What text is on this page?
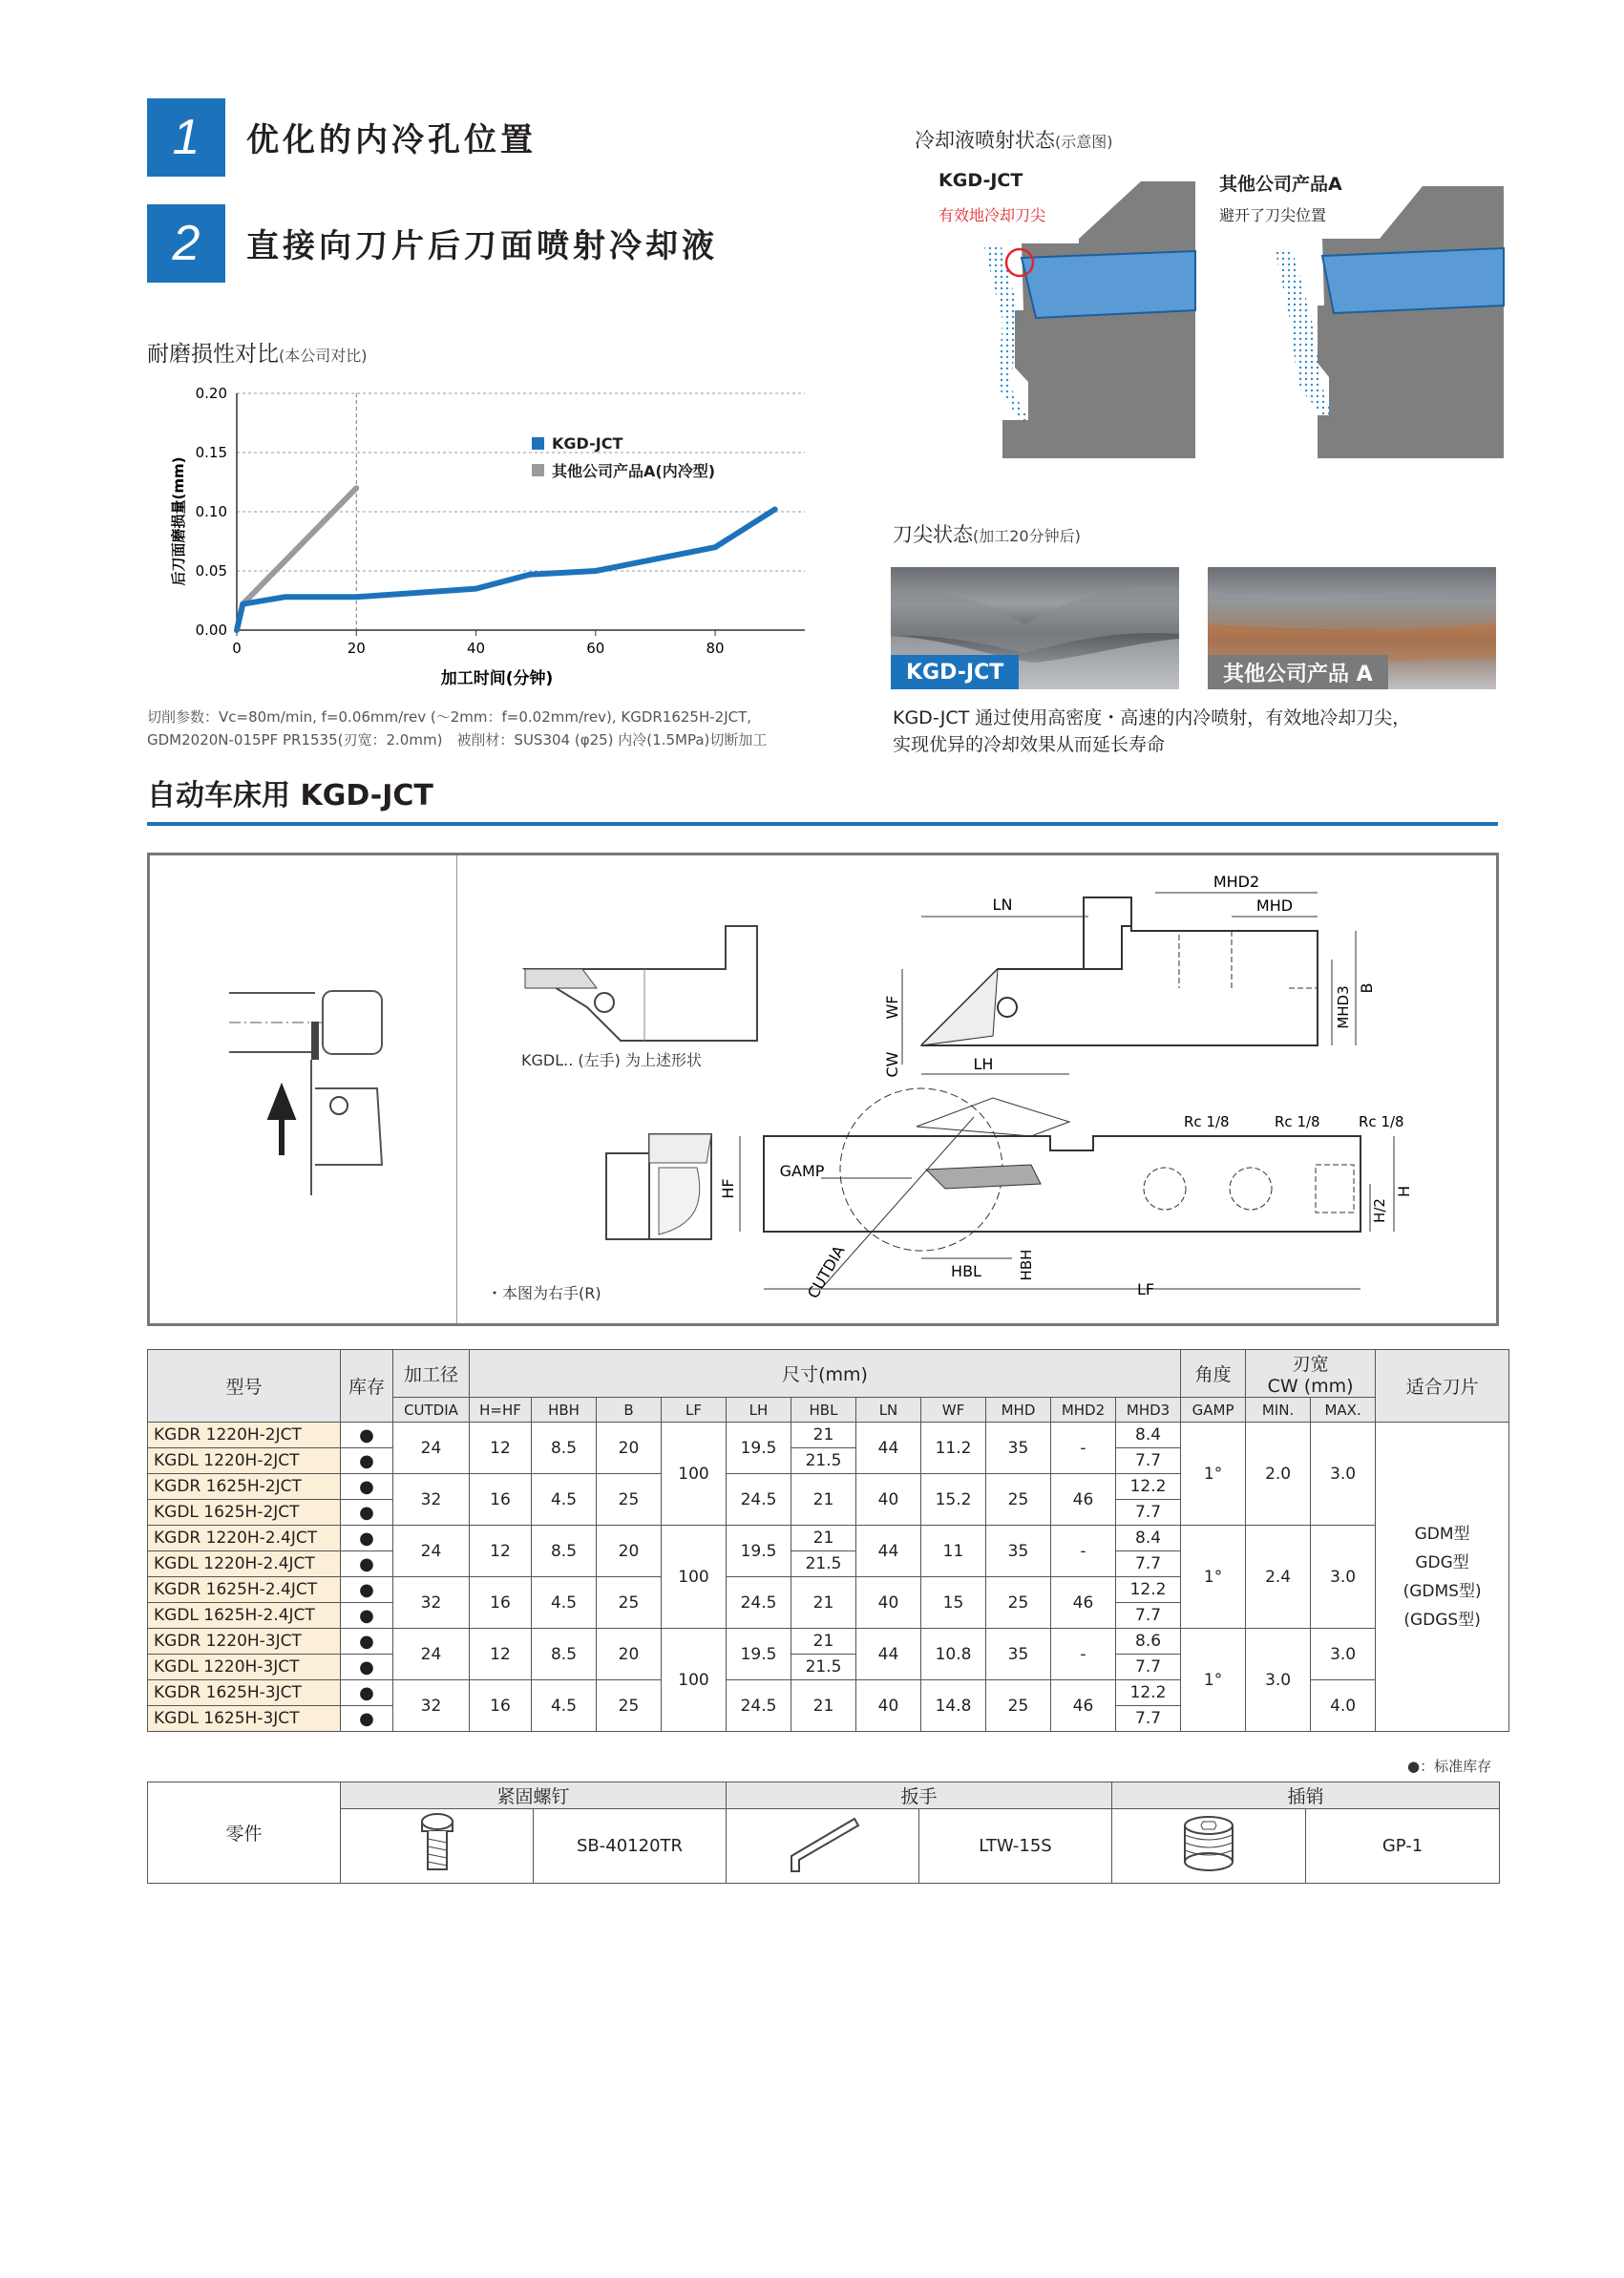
1	优化的内冷孔位置
2	直接向刀片后刀面喷射冷却液
耐磨损性对比(本公司对比)
0.00
0.05
0.10
0.15
0.20
0	20	40	60	80
加工时间(分钟)
后刀面磨损量(mm)
KGD-JCT
其他公司产品A(内冷型)
切削参数：Vc=80m/min, f=0.06mm/rev (～2mm：f=0.02mm/rev), KGDR1625H-2JCT,
GDM2020N-015PF PR1535(刃宽：2.0mm)　被削材：SUS304 (φ25) 内冷(1.5MPa)切断加工
冷却液喷射状态(示意图)
KGD-JCT
有效地冷却刀尖
其他公司产品A
避开了刀尖位置
刀尖状态(加工20分钟后)
KGD-JCT	其他公司产品 A
KGD-JCT 通过使用高密度・高速的内冷喷射，有效地冷却刀尖，
实现优异的冷却效果从而延长寿命
自动车床用 KGD-JCT
KGDL.. (左手) 为上述形状
・本图为右手(R)
LN
MHD2
MHD
WF
CW
MHD3 B
LH
GAMP
HF
CUTDIA	HBL	HBH
LF
H
H/2
Rc 1/8	Rc 1/8	Rc 1/8
型号	库存	加工径	尺寸(mm)											角度	刃宽
CW (mm)		适合刀片
		CUTDIA	H=HF	HBH	B	LF	LH	HBL	LN	WF	MHD	MHD2	MHD3	GAMP	MIN.	MAX.	
KGDR 1220H-2JCT	●	24	12	8.5	20	100	19.5	21	44	11.2	35	-	8.4	1°	2.0	3.0	GDM型
GDG型
(GDMS型)
(GDGS型)

KGDL 1220H-2JCT	●							21.5					7.7				
KGDR 1625H-2JCT	●	32	16	4.5	25		24.5	21	40	15.2	25	46	12.2				
KGDL 1625H-2JCT	●												7.7				
KGDR 1220H-2.4JCT	●	24	12	8.5	20	100	19.5	21	44	11	35	-	8.4	1°	2.4	3.0	
KGDL 1220H-2.4JCT	●							21.5					7.7				
KGDR 1625H-2.4JCT	●	32	16	4.5	25		24.5	21	40	15	25	46	12.2				
KGDL 1625H-2.4JCT	●												7.7				
KGDR 1220H-3JCT	●	24	12	8.5	20	100	19.5	21	44	10.8	35	-	8.6	1°	3.0	3.0	
KGDL 1220H-3JCT	●							21.5					7.7				
KGDR 1625H-3JCT	●	32	16	4.5	25		24.5	21	40	14.8	25	46	12.2			4.0	
KGDL 1625H-3JCT	●												7.7				
●：标准库存
零件	紧固螺钉		扳手		插销	
	SB-40120TR		LTW-15S		GP-1
